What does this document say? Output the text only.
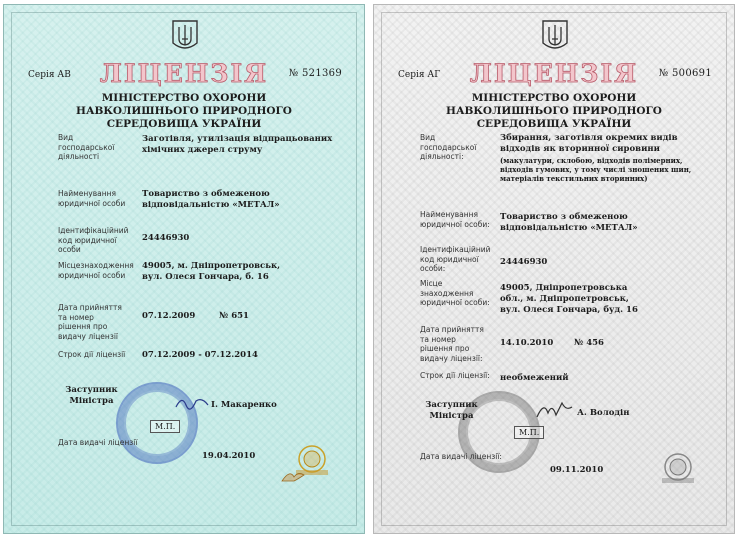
Серія АВ	ЛІЦЕНЗІЯ	№ 521369
МІНІСТЕРСТВО ОХОРОНИ НАВКОЛИШНЬОГО ПРИРОДНОГО СЕРЕДОВИЩА УКРАЇНИ
Вид господарської діяльності
Заготівля, утилізація відпрацьованих хімічних джерел струму
Найменування юридичної особи
Товариство з обмеженою відповідальністю «МЕТАЛ»
Ідентифікаційний код юридичної особи
24446930
Місцезнаходження юридичної особи
49005, м. Дніпропетровськ, вул. Олеся Гончара, б. 16
Дата прийняття та номер рішення про видачу ліцензії
07.12.2009	№ 651
Строк дії ліцензії	07.12.2009 - 07.12.2014
Заступник Міністра	І. Макаренко
М.П.
Дата видачі ліцензії
19.04.2010
Серія АГ	ЛІЦЕНЗІЯ	№ 500691
МІНІСТЕРСТВО ОХОРОНИ НАВКОЛИШНЬОГО ПРИРОДНОГО СЕРЕДОВИЩА УКРАЇНИ
Вид господарської діяльності:
Збирання, заготівля окремих видів відходів як вторинної сировини
(макулатури, склобою, відходів полімерних, відходів гумових, у тому числі зношених шин, матеріалів текстильних вторинних)
Найменування юридичної особи:
Товариство з обмеженою відповідальністю «МЕТАЛ»
Ідентифікаційний код юридичної особи:
24446930
Місце знаходження юридичної особи:
49005, Дніпропетровська обл., м. Дніпропетровськ, вул. Олеся Гончара, буд. 16
Дата прийняття та номер рішення про видачу ліцензії:
14.10.2010	№ 456
Строк дії ліцензії: необмежений
Заступник Міністра	А. Володін
М.П.
Дата видачі ліцензії:
09.11.2010
